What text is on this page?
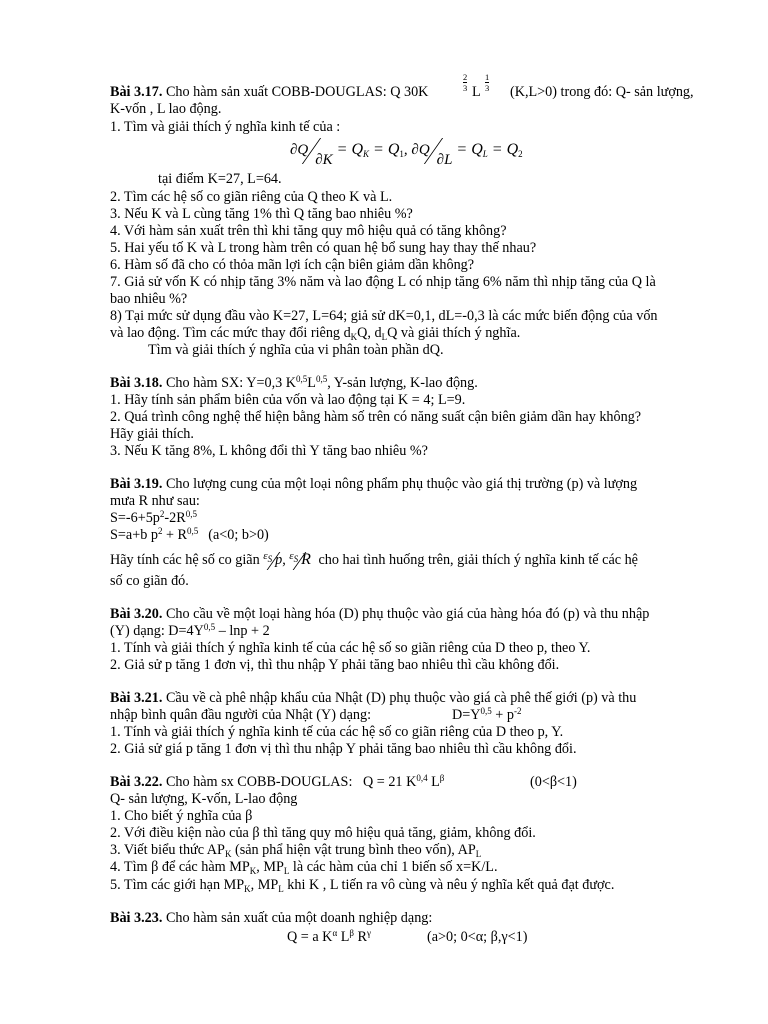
Bài 3.17. Cho hàm sản xuất COBB-DOUGLAS: Q 30K
2
3 L
1
3 (K,L>0) trong đó: Q- sản lượng,
K-vốn , L lao động.
1. Tìm và giải thích ý nghĩa kinh tế của :
$\partial Q\partial K = Q_K = Q_1$, $\partial Q\partial L = Q_L = Q_2$
tại điểm K=27, L=64.
2. Tìm các hệ số co giãn riêng của Q theo K và L.
3. Nếu K và L cùng tăng 1% thì Q tăng bao nhiêu %?
4. Với hàm sản xuất trên thì khi tăng quy mô hiệu quả có tăng không?
5. Hai yếu tố K và L trong hàm trên có quan hệ bổ sung hay thay thế nhau?
6. Hàm số đã cho có thỏa mãn lợi ích cận biên giảm dần không?
7. Giả sử vốn K có nhịp tăng 3% năm và lao động L có nhịp tăng 6% năm thì nhịp tăng của Q là
bao nhiêu %?
8) Tại mức sử dụng đầu vào K=27, L=64; giả sử dK=0,1, dL=-0,3 là các mức biến động của vốn
và lao động. Tìm các mức thay đổi riêng $d_KQ$, $d_LQ$ và giải thích ý nghĩa.
Tìm và giải thích ý nghĩa của vi phân toàn phần dQ.
Bài 3.18. Cho hàm SX: Y=0,3 $K^{0,5}L^{0,5}$, Y-sản lượng, K-lao động.
1. Hãy tính sản phẩm biên của vốn và lao động tại K = 4; L=9.
2. Quá trình công nghệ thể hiện bằng hàm số trên có năng suất cận biên giảm dần hay không?
Hãy giải thích.
3. Nếu K tăng 8%, L không đổi thì Y tăng bao nhiêu %?
Bài 3.19. Cho lượng cung của một loại nông phẩm phụ thuộc vào giá thị trường (p) và lượng
mưa R như sau:
$S=-6+5p^2-2R^{0,5}$
S=a+b $p^2 + R^{0,5}$ (a<0; b>0)
Hãy tính các hệ số co giãn $^{\varepsilon_S}$ p, $^{\varepsilon_S}$ R cho hai tình huống trên, giải thích ý nghĩa kinh tế các hệ
số co giãn đó.
Bài 3.20. Cho cầu về một loại hàng hóa (D) phụ thuộc vào giá của hàng hóa đó (p) và thu nhập
(Y) dạng: $D=4Y^{0,5} - \ln p + 2$
1. Tính và giải thích ý nghĩa kinh tế của các hệ số so giãn riêng của D theo p, theo Y.
2. Giả sử p tăng 1 đơn vị, thì thu nhập Y phải tăng bao nhiêu thì cầu không đổi.
Bài 3.21. Cầu về cà phê nhập khẩu của Nhật (D) phụ thuộc vào giá cà phê thế giới (p) và thu
nhập bình quân đầu người của Nhật (Y) dạng:	$D=Y^{0,5} + p^{-2}$
1. Tính và giải thích ý nghĩa kinh tế của các hệ số co giãn riêng của D theo p, Y.
2. Giả sử giá p tăng 1 đơn vị thì thu nhập Y phải tăng bao nhiêu thì cầu không đổi.
Bài 3.22. Cho hàm sx COBB-DOUGLAS: Q = 21 K$^{0,4}$ $L^\beta$	(0<β<1)
Q- sản lượng, K-vốn, L-lao động
1. Cho biết ý nghĩa của β
2. Với điều kiện nào của β thì tăng quy mô hiệu quả tăng, giảm, không đổi.
3. Viết biểu thức $AP_K$ (sản phẩ hiện vật trung bình theo vốn), $AP_L$
4. Tìm β để các hàm $MP_K$, $MP_L$ là các hàm của chỉ 1 biến số x=K/L.
5. Tìm các giới hạn $MP_K$, $MP_L$ khi K , L tiến ra vô cùng và nêu ý nghĩa kết quả đạt được.
Bài 3.23. Cho hàm sản xuất của một doanh nghiệp dạng:
Q = a $K^\alpha$ $L^\beta$ $R^\gamma$	(a>0; 0<α; β,γ<1)
